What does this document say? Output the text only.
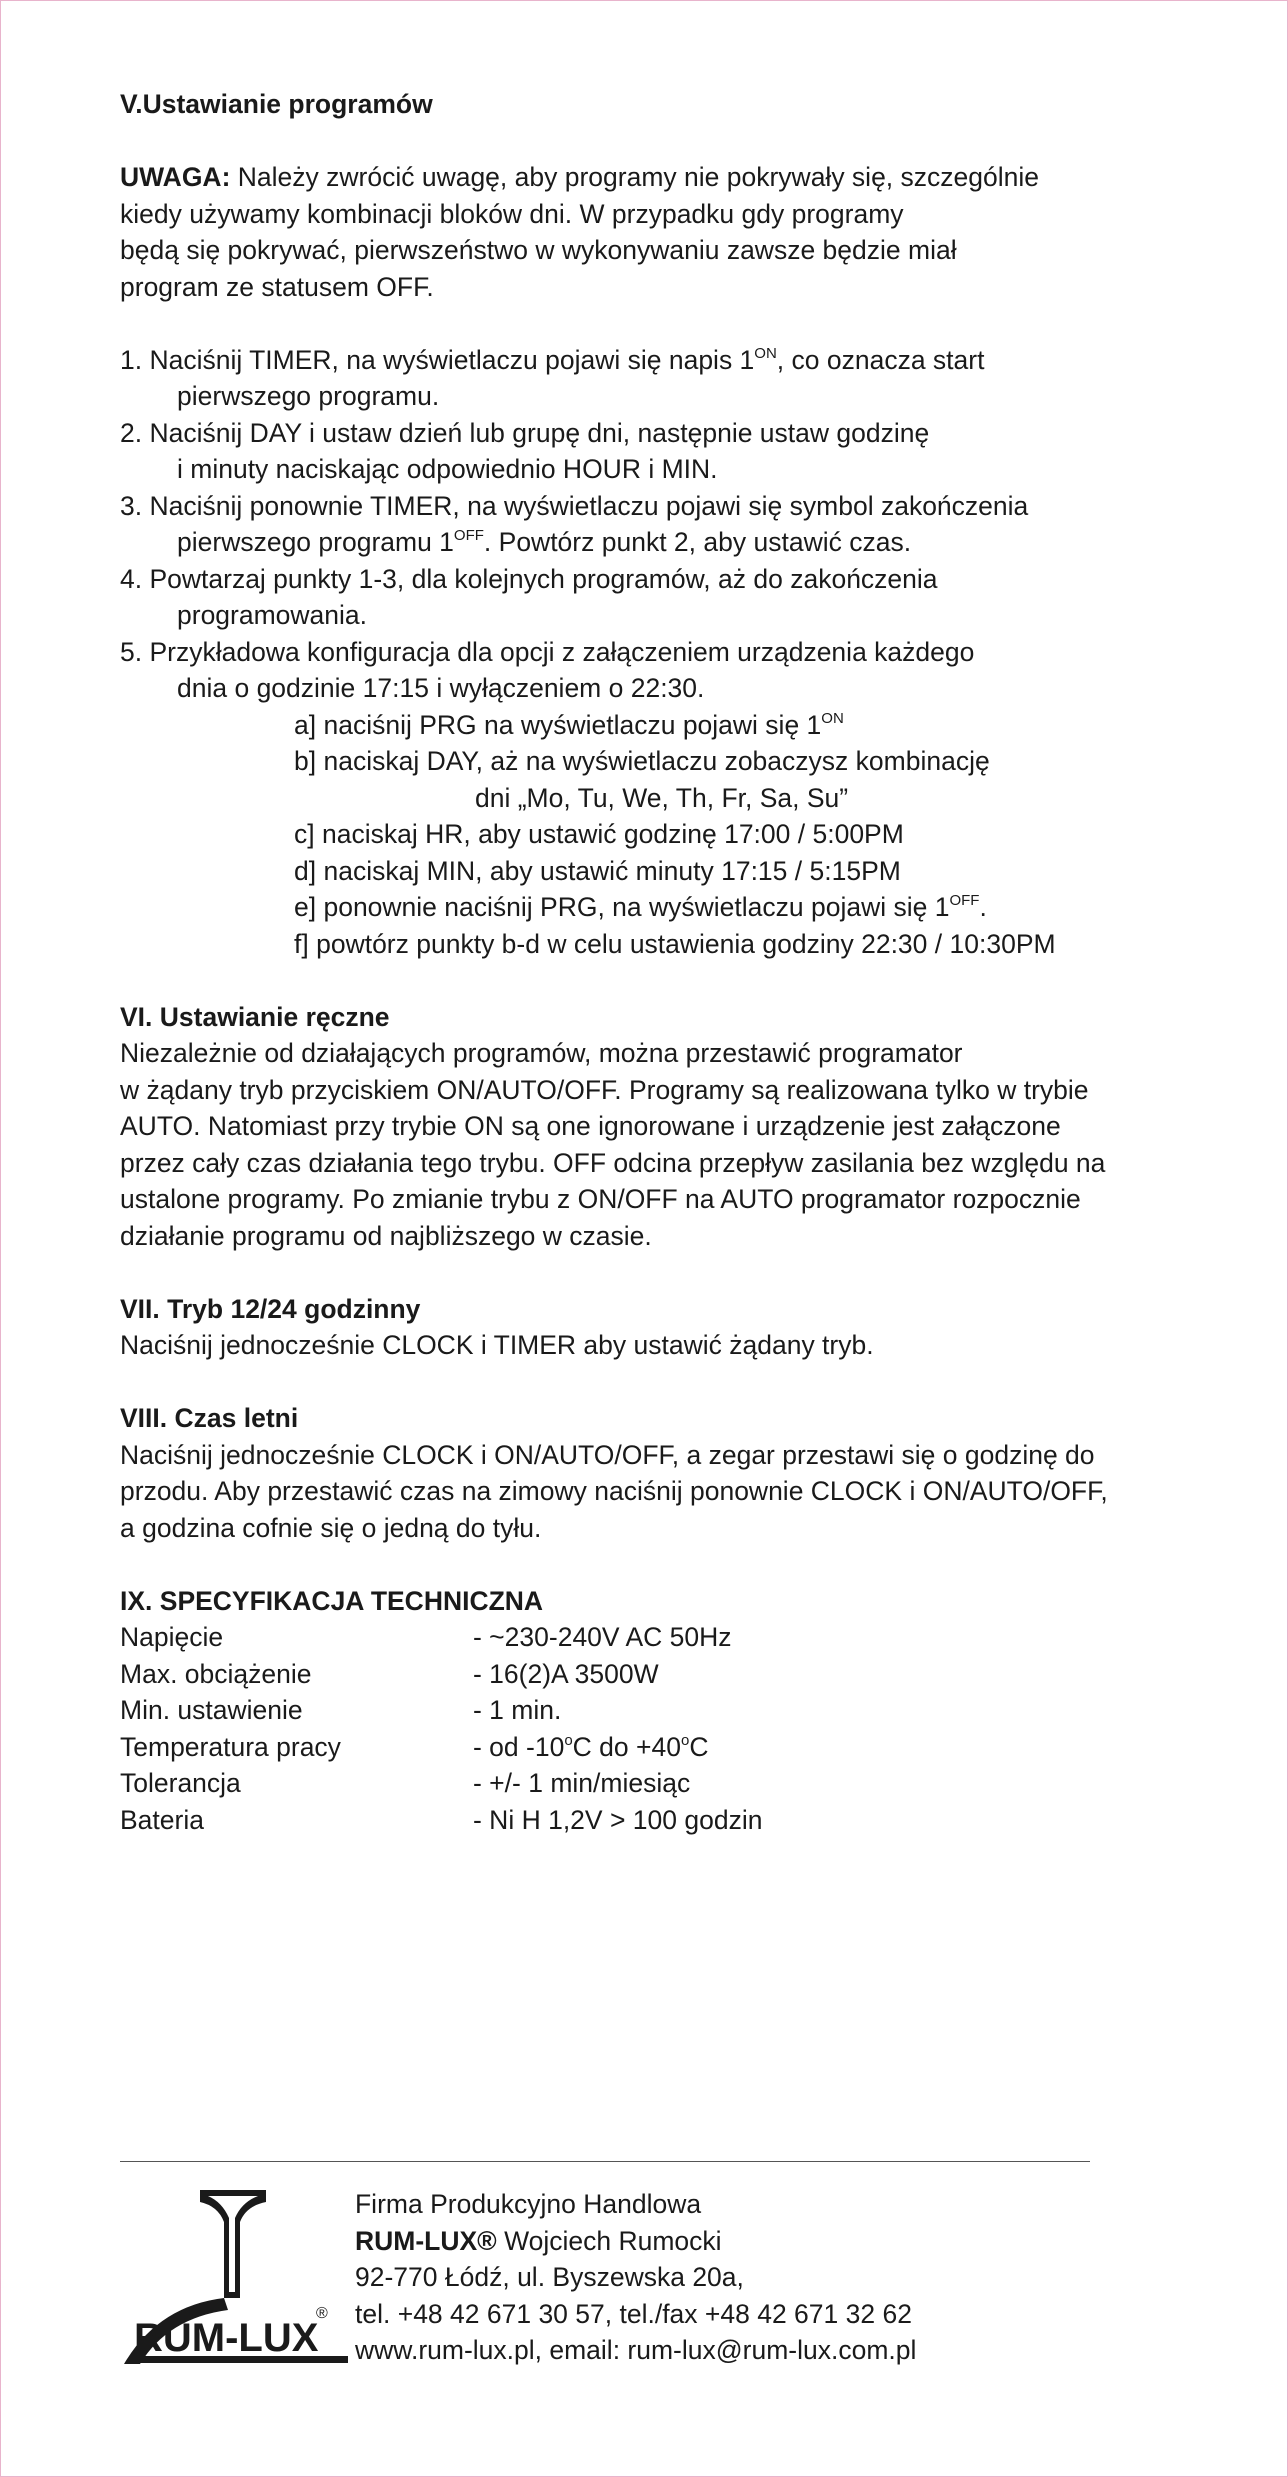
V.Ustawianie programów

UWAGA: Należy zwrócić uwagę, aby programy nie pokrywały się, szczególnie

kiedy używamy kombinacji bloków dni. W przypadku gdy programy

będą się pokrywać, pierwszeństwo w wykonywaniu zawsze będzie miał

program ze statusem OFF.

1. Naciśnij TIMER, na wyświetlaczu pojawi się napis $1^{ON}$, co oznacza start
pierwszego programu.

2. Naciśnij DAY i ustaw dzień lub grupę dni, następnie ustaw godzinę
i minuty naciskając odpowiednio HOUR i MIN.

3. Naciśnij ponownie TIMER, na wyświetlaczu pojawi się symbol zakończenia
pierwszego programu $1^{OFF}$. Powtórz punkt 2, aby ustawić czas.

4. Powtarzaj punkty 1-3, dla kolejnych programów, aż do zakończenia
programowania.

5. Przykładowa konfiguracja dla opcji z załączeniem urządzenia każdego
dnia o godzinie 17:15 i wyłączeniem o 22:30.

a] naciśnij PRG na wyświetlaczu pojawi się $1^{ON}$

b] naciskaj DAY, aż na wyświetlaczu zobaczysz kombinację

dni „Mo, Tu, We, Th, Fr, Sa, Su”

c] naciskaj HR, aby ustawić godzinę 17:00 / 5:00PM

d] naciskaj MIN, aby ustawić minuty 17:15 / 5:15PM

e] ponownie naciśnij PRG, na wyświetlaczu pojawi się $1^{OFF}$.

f] powtórz punkty b-d w celu ustawienia godziny 22:30 / 10:30PM

VI. Ustawianie ręczne

Niezależnie od działających programów, można przestawić programator

w żądany tryb przyciskiem ON/AUTO/OFF. Programy są realizowana tylko w trybie

AUTO. Natomiast przy trybie ON są one ignorowane i urządzenie jest załączone

przez cały czas działania tego trybu. OFF odcina przepływ zasilania bez względu na

ustalone programy. Po zmianie trybu z ON/OFF na AUTO programator rozpocznie

działanie programu od najbliższego w czasie.

VII. Tryb 12/24 godzinny

Naciśnij jednocześnie CLOCK i TIMER aby ustawić żądany tryb.

VIII. Czas letni

Naciśnij jednocześnie CLOCK i ON/AUTO/OFF, a zegar przestawi się o godzinę do

przodu. Aby przestawić czas na zimowy naciśnij ponownie CLOCK i ON/AUTO/OFF,

a godzina cofnie się o jedną do tyłu.

IX. SPECYFIKACJA TECHNICZNA

Napięcie	- ~230-240V AC 50Hz
Max. obciążenie	- 16(2)A 3500W
Min. ustawienie	- 1 min.
Temperatura pracy	- od -10$^o$C do $+40^oC$
Tolerancja	- +/- 1 min/miesiąc
Bateria	- Ni H 1,2V > 100 godzin
RUM-LUX
®

Firma Produkcyjno Handlowa

RUM-LUX® Wojciech Rumocki

92-770 Łódź, ul. Byszewska 20a,

tel. +48 42 671 30 57, tel./fax +48 42 671 32 62

www.rum-lux.pl, email: rum-lux@rum-lux.com.pl
